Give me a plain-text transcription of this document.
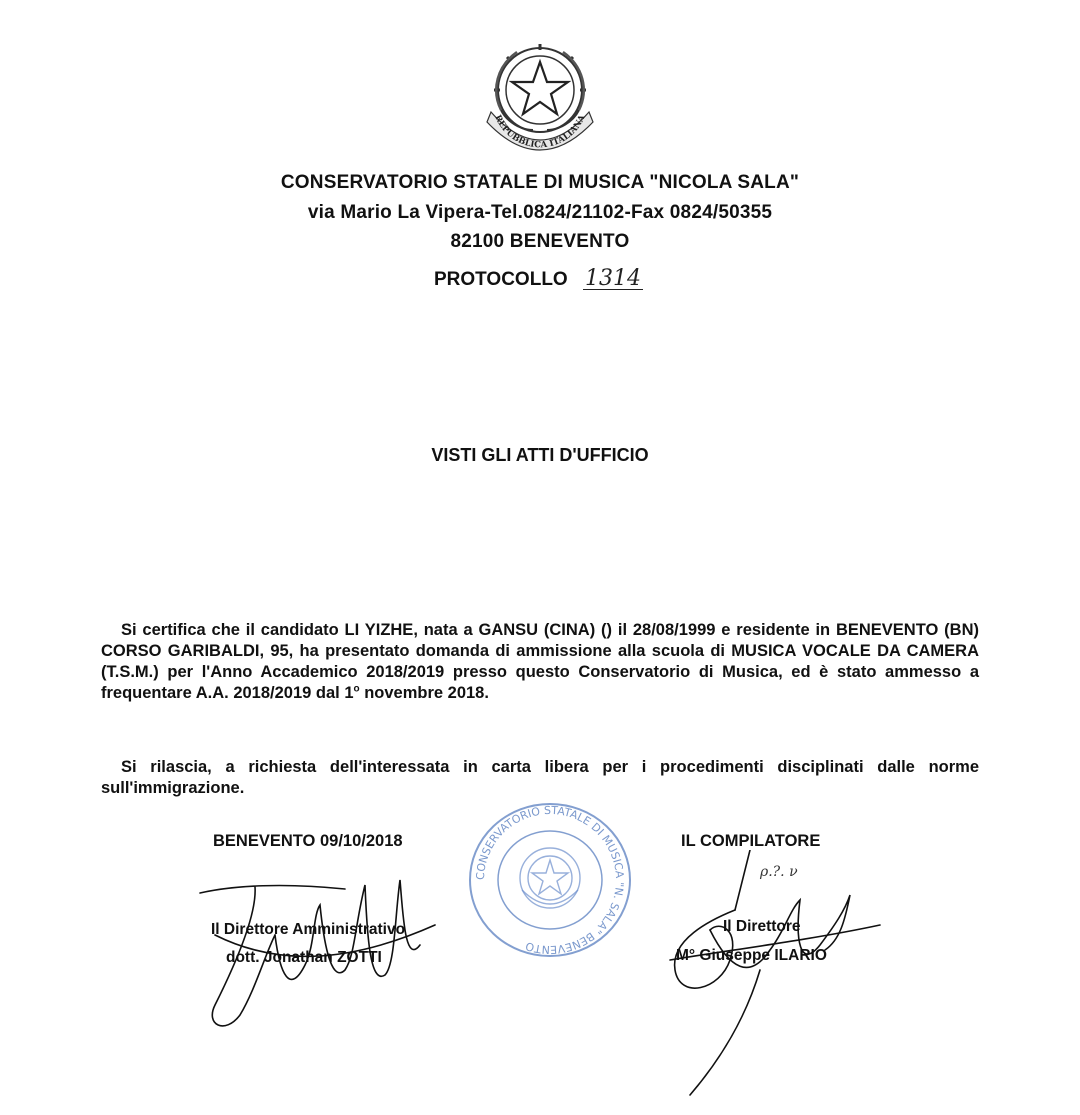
REPUBBLICA ITALIANA
CONSERVATORIO STATALE DI MUSICA "NICOLA SALA"
via Mario La Vipera-Tel.0824/21102-Fax 0824/50355
82100 BENEVENTO
PROTOCOLLO 1314
VISTI GLI ATTI D'UFFICIO
Si certifica che il candidato LI YIZHE, nata a GANSU (CINA) () il 28/08/1999 e residente in BENEVENTO (BN) CORSO GARIBALDI, 95, ha presentato domanda di ammissione alla scuola di MUSICA VOCALE DA CAMERA (T.S.M.) per l'Anno Accademico 2018/2019 presso questo Conservatorio di Musica, ed è stato ammesso a frequentare A.A. 2018/2019 dal 1$^o$ novembre 2018.
Si rilascia, a richiesta dell'interessata in carta libera per i procedimenti disciplinati dalle norme sull'immigrazione.
BENEVENTO 09/10/2018	IL COMPILATORE
ρ.?. ν
Il Direttore Amministrativo
dott. Jonathan ZOTTI
Il Direttore
M° Giuseppe ILARIO
CONSERVATORIO STATALE DI MUSICA "N. SALA" BENEVENTO
